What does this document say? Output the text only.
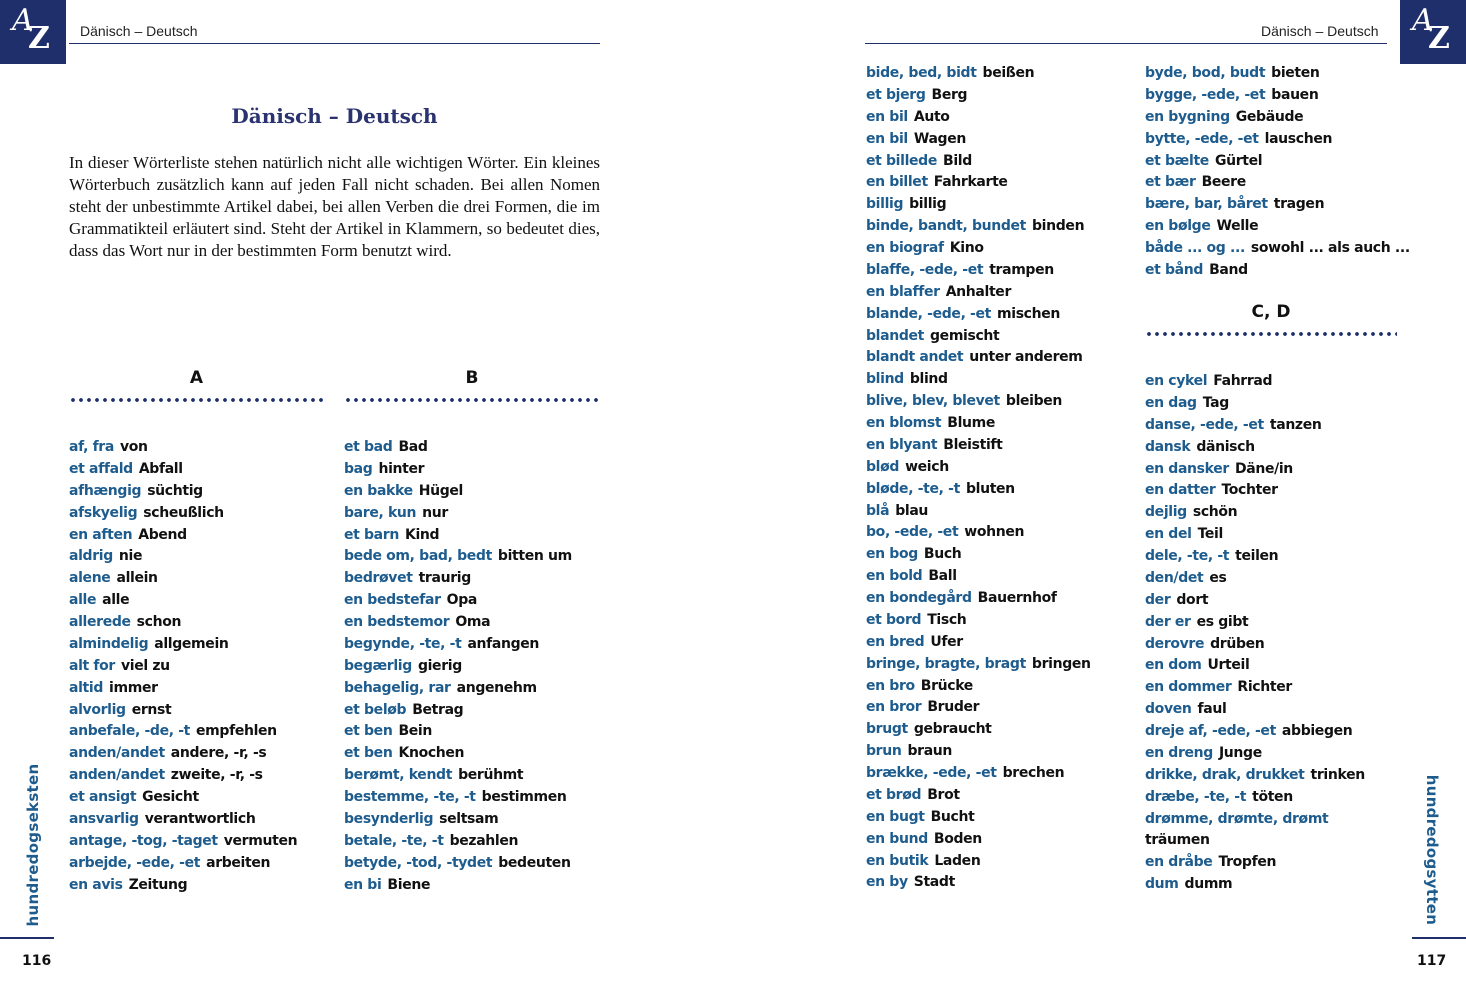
A
Z Dänisch – Deutsch
Dänisch – Deutsch

In dieser Wörterliste stehen natürlich nicht alle wichtigen Wörter. Ein kleines Wörterbuch zusätzlich kann auf jeden Fall nicht schaden. Bei allen Nomen steht der unbestimmte Artikel dabei, bei allen Verben die drei Formen, die im Grammatikteil erläutert sind. Steht der Artikel in Klammern, so bedeutet dies, dass das Wort nur in der bestimmten Form benutzt wird.

A	B
af, fra von
et affald Abfall
afhængig süchtig
afskyelig scheußlich
en aften Abend
aldrig nie
alene allein
alle alle
allerede schon
almindelig allgemein
alt for viel zu
altid immer
alvorlig ernst
anbefale, -de, -t empfehlen
anden/andet andere, -r, -s
anden/andet zweite, -r, -s
et ansigt Gesicht
ansvarlig verantwortlich
antage, -tog, -taget vermuten
arbejde, -ede, -et arbeiten
en avis Zeitung
et bad Bad
bag hinter
en bakke Hügel
bare, kun nur
et barn Kind
bede om, bad, bedt bitten um
bedrøvet traurig
en bedstefar Opa
en bedstemor Oma
begynde, -te, -t anfangen
begærlig gierig
behagelig, rar angenehm
et beløb Betrag
et ben Bein
et ben Knochen
berømt, kendt berühmt
bestemme, -te, -t bestimmen
besynderlig seltsam
betale, -te, -t bezahlen
betyde, -tod, -tydet bedeuten
en bi Biene
hundredogseksten
116
A
Z
Dänisch – Deutsch
bide, bed, bidt beißen
et bjerg Berg
en bil Auto
en bil Wagen
et billede Bild
en billet Fahrkarte
billig billig
binde, bandt, bundet binden
en biograf Kino
blaffe, -ede, -et trampen
en blaffer Anhalter
blande, -ede, -et mischen
blandet gemischt
blandt andet unter anderem
blind blind
blive, blev, blevet bleiben
en blomst Blume
en blyant Bleistift
blød weich
bløde, -te, -t bluten
blå blau
bo, -ede, -et wohnen
en bog Buch
en bold Ball
en bondegård Bauernhof
et bord Tisch
en bred Ufer
bringe, bragte, bragt bringen
en bro Brücke
en bror Bruder
brugt gebraucht
brun braun
brække, -ede, -et brechen
et brød Brot
en bugt Bucht
en bund Boden
en butik Laden
en by Stadt
byde, bod, budt bieten
bygge, -ede, -et bauen
en bygning Gebäude
bytte, -ede, -et lauschen
et bælte Gürtel
et bær Beere
bære, bar, båret tragen
en bølge Welle
både ... og ... sowohl ... als auch ...
et bånd Band
C, D
en cykel Fahrrad
en dag Tag
danse, -ede, -et tanzen
dansk dänisch
en dansker Däne/in
en datter Tochter
dejlig schön
en del Teil
dele, -te, -t teilen
den/det es
der dort
der er es gibt
derovre drüben
en dom Urteil
en dommer Richter
doven faul
dreje af, -ede, -et abbiegen
en dreng Junge
drikke, drak, drukket trinken
dræbe, -te, -t töten
drømme, drømte, drømt
träumen
en dråbe Tropfen
dum dumm	hundredogsytten
117
